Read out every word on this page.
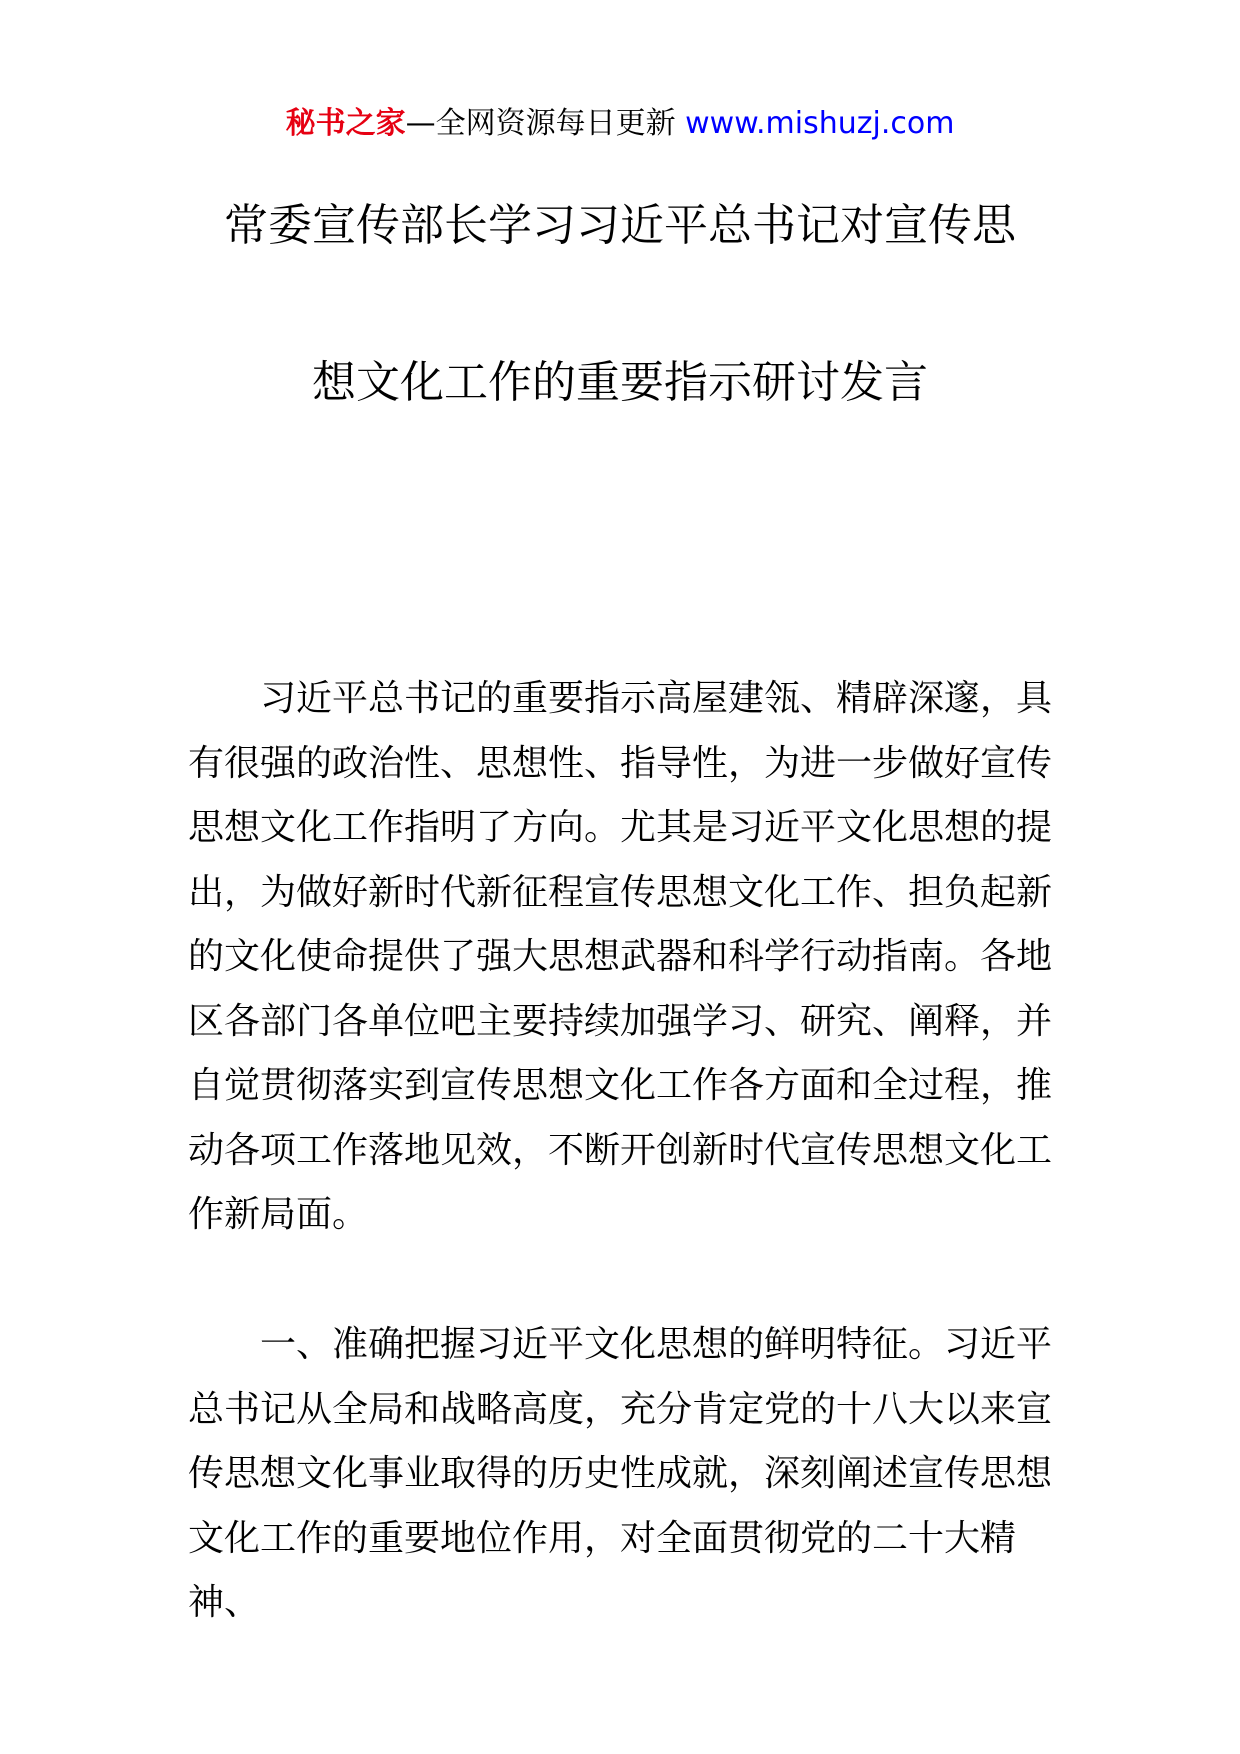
秘书之家—全网资源每日更新 www.mishuzj.com
常委宣传部长学习习近平总书记对宣传思
想文化工作的重要指示研讨发言

习近平总书记的重要指示高屋建瓴、精辟深邃，具有很强的政治性、思想性、指导性，为进一步做好宣传思想文化工作指明了方向。尤其是习近平文化思想的提出，为做好新时代新征程宣传思想文化工作、担负起新的文化使命提供了强大思想武器和科学行动指南。各地区各部门各单位吧主要持续加强学习、研究、阐释，并自觉贯彻落实到宣传思想文化工作各方面和全过程，推动各项工作落地见效，不断开创新时代宣传思想文化工作新局面。

一、准确把握习近平文化思想的鲜明特征。习近平总书记从全局和战略高度，充分肯定党的十八大以来宣传思想文化事业取得的历史性成就，深刻阐述宣传思想文化工作的重要地位作用，对全面贯彻党的二十大精神、
